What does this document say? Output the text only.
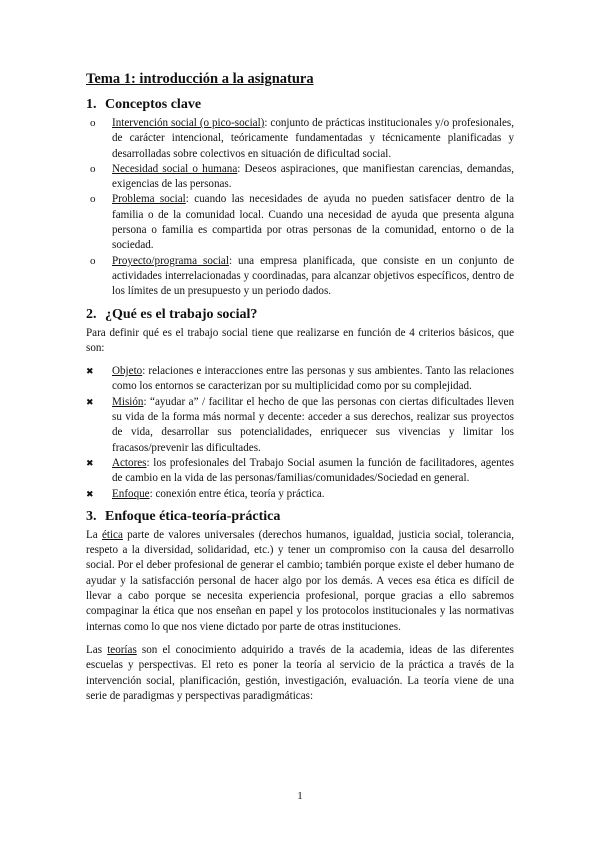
Tema 1: introducción a la asignatura
1. Conceptos clave
o Intervención social (o pico-social): conjunto de prácticas institucionales y/o profesionales, de carácter intencional, teóricamente fundamentadas y técnicamente planificadas y desarrolladas sobre colectivos en situación de dificultad social.
o Necesidad social o humana: Deseos aspiraciones, que manifiestan carencias, demandas, exigencias de las personas.
o Problema social: cuando las necesidades de ayuda no pueden satisfacer dentro de la familia o de la comunidad local. Cuando una necesidad de ayuda que presenta alguna persona o familia es compartida por otras personas de la comunidad, entorno o de la sociedad.
o Proyecto/programa social: una empresa planificada, que consiste en un conjunto de actividades interrelacionadas y coordinadas, para alcanzar objetivos específicos, dentro de los límites de un presupuesto y un periodo dados.
2. ¿Qué es el trabajo social?

Para definir qué es el trabajo social tiene que realizarse en función de 4 criterios básicos, que son:

✖ Objeto: relaciones e interacciones entre las personas y sus ambientes. Tanto las relaciones como los entornos se caracterizan por su multiplicidad como por su complejidad.
✖ Misión: “ayudar a” / facilitar el hecho de que las personas con ciertas dificultades lleven su vida de la forma más normal y decente: acceder a sus derechos, realizar sus proyectos de vida, desarrollar sus potencialidades, enriquecer sus vivencias y limitar los fracasos/prevenir las dificultades.
✖ Actores: los profesionales del Trabajo Social asumen la función de facilitadores, agentes de cambio en la vida de las personas/familias/comunidades/Sociedad en general.
✖ Enfoque: conexión entre ética, teoría y práctica.
3. Enfoque ética-teoría-práctica

La ética parte de valores universales (derechos humanos, igualdad, justicia social, tolerancia, respeto a la diversidad, solidaridad, etc.) y tener un compromiso con la causa del desarrollo social. Por el deber profesional de generar el cambio; también porque existe el deber humano de ayudar y la satisfacción personal de hacer algo por los demás. A veces esa ética es difícil de llevar a cabo porque se necesita experiencia profesional, porque gracias a ello sabremos compaginar la ética que nos enseñan en papel y los protocolos institucionales y las normativas internas como lo que nos viene dictado por parte de otras instituciones.

Las teorías son el conocimiento adquirido a través de la academia, ideas de las diferentes escuelas y perspectivas. El reto es poner la teoría al servicio de la práctica a través de la intervención social, planificación, gestión, investigación, evaluación. La teoría viene de una serie de paradigmas y perspectivas paradigmáticas:

1
